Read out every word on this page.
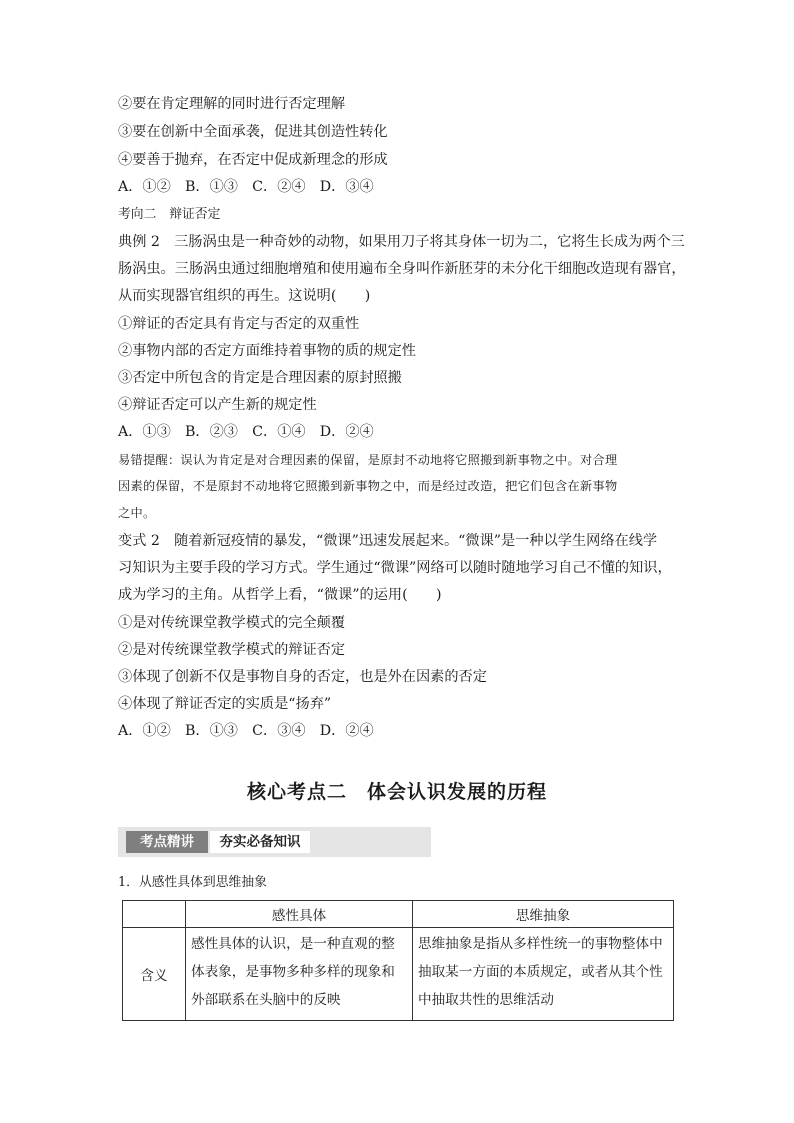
②要在肯定理解的同时进行否定理解
③要在创新中全面承袭，促进其创造性转化
④要善于抛弃，在否定中促成新理念的形成
A．①②　B．①③　C．②④　D．③④
考向二　辩证否定
典例 2　三肠涡虫是一种奇妙的动物，如果用刀子将其身体一切为二，它将生长成为两个三
肠涡虫。三肠涡虫通过细胞增殖和使用遍布全身叫作新胚芽的未分化干细胞改造现有器官，
从而实现器官组织的再生。这说明(　　)
①辩证的否定具有肯定与否定的双重性
②事物内部的否定方面维持着事物的质的规定性
③否定中所包含的肯定是合理因素的原封照搬
④辩证否定可以产生新的规定性
A．①③　B．②③　C．①④　D．②④
易错提醒：误认为肯定是对合理因素的保留，是原封不动地将它照搬到新事物之中。对合理
因素的保留，不是原封不动地将它照搬到新事物之中，而是经过改造，把它们包含在新事物
之中。
变式 2　随着新冠疫情的暴发，“微课”迅速发展起来。“微课”是一种以学生网络在线学
习知识为主要手段的学习方式。学生通过“微课”网络可以随时随地学习自己不懂的知识，
成为学习的主角。从哲学上看，“微课”的运用(　　)
①是对传统课堂教学模式的完全颠覆
②是对传统课堂教学模式的辩证否定
③体现了创新不仅是事物自身的否定，也是外在因素的否定
④体现了辩证否定的实质是“扬弃”
A．①②　B．①③　C．③④　D．②④
核心考点二　体会认识发展的历程
考点精讲	夯实必备知识
1．从感性具体到思维抽象
	感性具体	思维抽象
含义	感性具体的认识，是一种直观的整体表象，是事物多种多样的现象和外部联系在头脑中的反映	思维抽象是指从多样性统一的事物整体中抽取某一方面的本质规定，或者从其个性中抽取共性的思维活动
